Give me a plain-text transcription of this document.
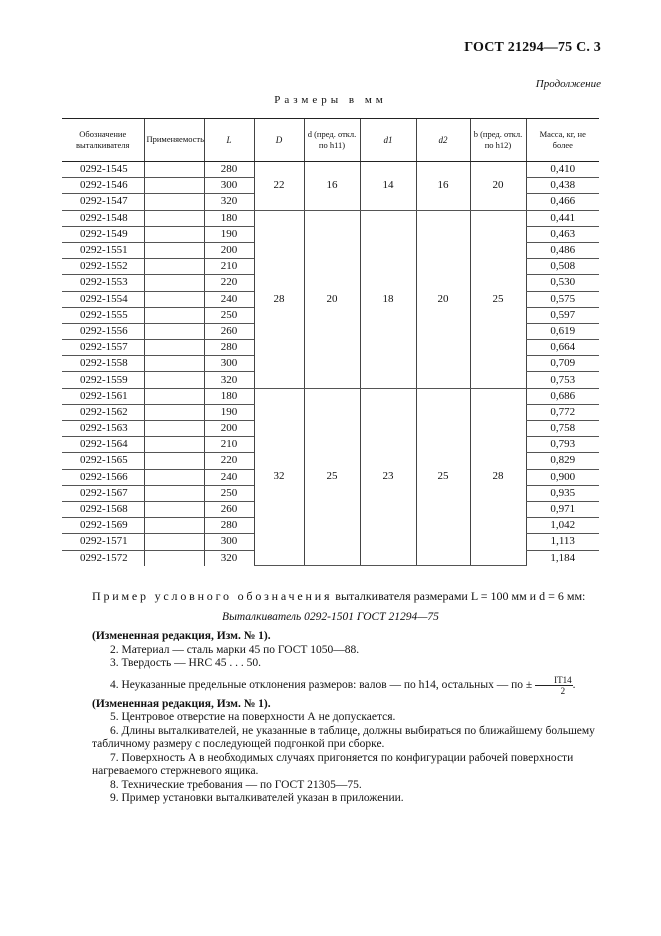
ГОСТ 21294—75 С. 3
Продолжение
Размеры в мм
Обозначение выталкивателя	Применяемость	L	D	d (пред. откл. по h11)	d1	d2	b (пред. откл. по h12)	Масса, кг, не более
0292-1545		280	22	16	14	16	20	0,410
0292-1546		300						0,438
0292-1547		320						0,466
0292-1548		180	28	20	18	20	25	0,441
0292-1549		190						0,463
0292-1551		200						0,486
0292-1552		210						0,508
0292-1553		220						0,530
0292-1554		240						0,575
0292-1555		250						0,597
0292-1556		260						0,619
0292-1557		280						0,664
0292-1558		300						0,709
0292-1559		320						0,753
0292-1561		180	32	25	23	25	28	0,686
0292-1562		190						0,772
0292-1563		200						0,758
0292-1564		210						0,793
0292-1565		220						0,829
0292-1566		240						0,900
0292-1567		250						0,935
0292-1568		260						0,971
0292-1569		280						1,042
0292-1571		300						1,113
0292-1572		320						1,184
Пример условного обозначения выталкивателя размерами L = 100 мм и d = 6 мм:
Выталкиватель 0292-1501 ГОСТ 21294—75

(Измененная редакция, Изм. № 1).

2. Материал — сталь марки 45 по ГОСТ 1050—88.

3. Твердость — HRC 45 . . . 50.

4. Неуказанные предельные отклонения размеров: валов — по h14, остальных — по ± $\frac{IT14}{2}$ .

(Измененная редакция, Изм. № 1).

5. Центровое отверстие на поверхности А не допускается.

6. Длины выталкивателей, не указанные в таблице, должны выбираться по ближайшему большему табличному размеру с последующей подгонкой при сборке.

7. Поверхность А в необходимых случаях пригоняется по конфигурации рабочей поверхности нагреваемого стержневого ящика.

8. Технические требования — по ГОСТ 21305—75.

9. Пример установки выталкивателей указан в приложении.
